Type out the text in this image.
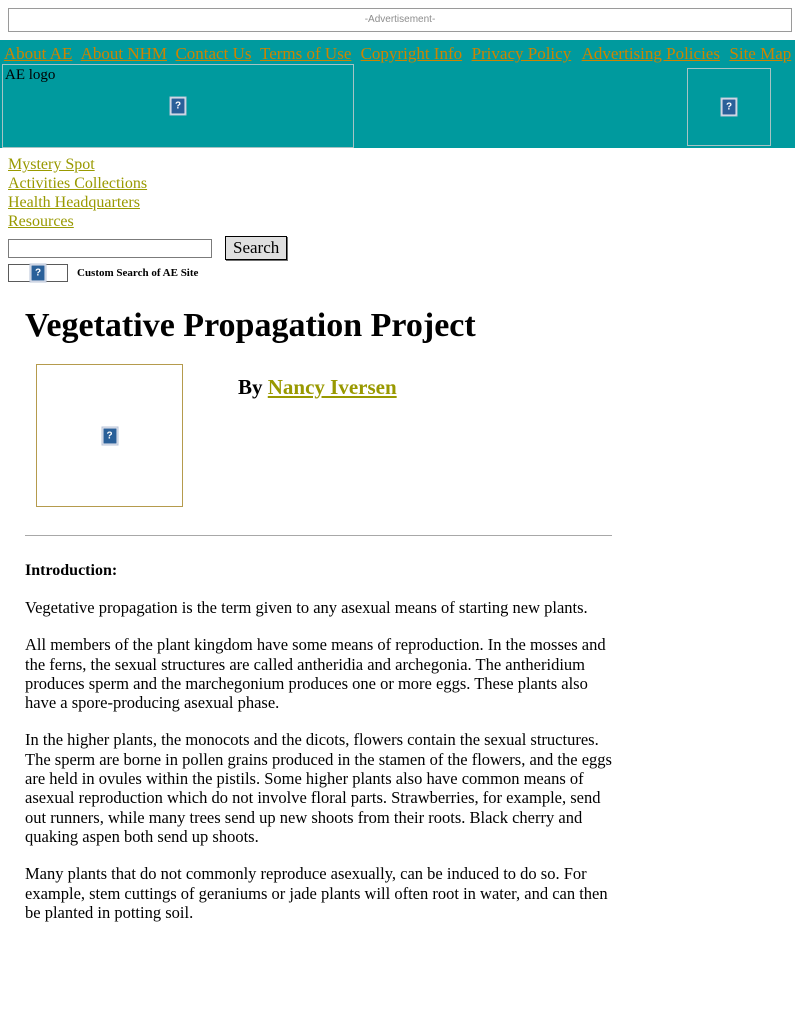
-Advertisement-
About AE	About NHM	Contact Us	Terms of Use	Copyright Info	Privacy Policy	Advertising Policies	Site Map
AE logo
?	?
Mystery Spot
Activities Collections
Health Headquarters
Resources
Search
?	Custom Search of AE Site
Vegetative Propagation Project
?
By Nancy Iversen
Introduction:

Vegetative propagation is the term given to any asexual means of starting new plants.

All members of the plant kingdom have some means of reproduction. In the mosses and the ferns, the sexual structures are called antheridia and archegonia. The antheridium produces sperm and the marchegonium produces one or more eggs. These plants also have a spore-producing asexual phase.

In the higher plants, the monocots and the dicots, flowers contain the sexual structures. The sperm are borne in pollen grains produced in the stamen of the flowers, and the eggs are held in ovules within the pistils. Some higher plants also have common means of asexual reproduction which do not involve floral parts. Strawberries, for example, send out runners, while many trees send up new shoots from their roots. Black cherry and quaking aspen both send up shoots.

Many plants that do not commonly reproduce asexually, can be induced to do so. For example, stem cuttings of geraniums or jade plants will often root in water, and can then be planted in potting soil.
